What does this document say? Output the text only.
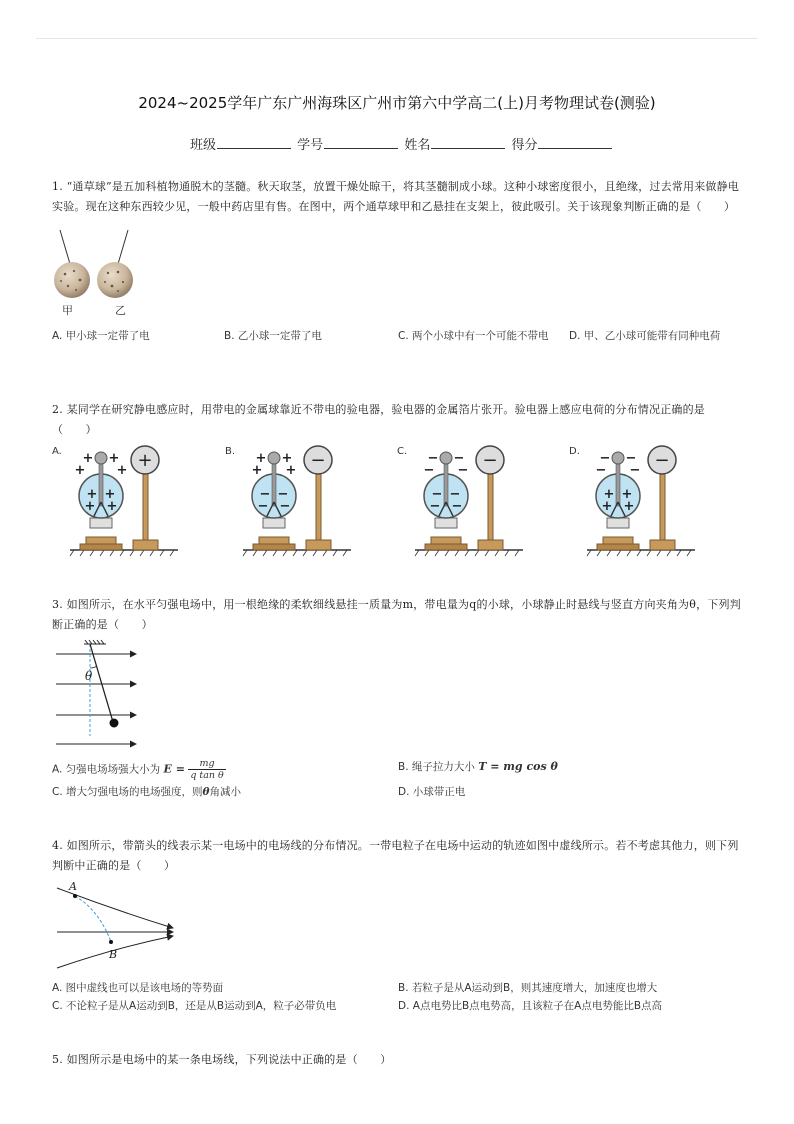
2024~2025学年广东广州海珠区广州市第六中学高二(上)月考物理试卷(测验)
班级	学号	姓名	得分
1. “通草球”是五加科植物通脱木的茎髓。秋天取茎，放置干燥处晾干，将其茎髓制成小球。这种小球密度很小，且绝缘，过去常用来做静电实验。现在这种东西较少见，一般中药店里有售。在图中，两个通草球甲和乙悬挂在支架上，彼此吸引。关于该现象判断正确的是（　　）
甲	乙
A. 甲小球一定带了电	B. 乙小球一定带了电	C. 两个小球中有一个可能不带电	D. 甲、乙小球可能带有同种电荷
2. 某同学在研究静电感应时，用带电的金属球靠近不带电的验电器，验电器的金属箔片张开。验电器上感应电荷的分布情况正确的是（　　）
A.	B.	C.	D.
+ +
+ +
+ +
+ +
+	+ +
+ +
− −
− −
−	− −
− −
− −
− −
−	− −
− −
+ +
+ +
−
3. 如图所示，在水平匀强电场中，用一根绝缘的柔软细线悬挂一质量为m，带电量为q的小球，小球静止时悬线与竖直方向夹角为θ，下列判断正确的是（　　）
θ
A. 匀强电场场强大小为 $E = \frac{mg}{\text{q tan θ}}$	B. 绳子拉力大小 T = mg cos θ
C. 增大匀强电场的电场强度，则θ角减小	D. 小球带正电
4. 如图所示，带箭头的线表示某一电场中的电场线的分布情况。一带电粒子在电场中运动的轨迹如图中虚线所示。若不考虑其他力，则下列判断中正确的是（　　）
A
B
A. 图中虚线也可以是该电场的等势面	B. 若粒子是从A运动到B，则其速度增大，加速度也增大
C. 不论粒子是从A运动到B，还是从B运动到A，粒子必带负电	D. A点电势比B点电势高，且该粒子在A点电势能比B点高
5. 如图所示是电场中的某一条电场线，下列说法中正确的是（　　）
